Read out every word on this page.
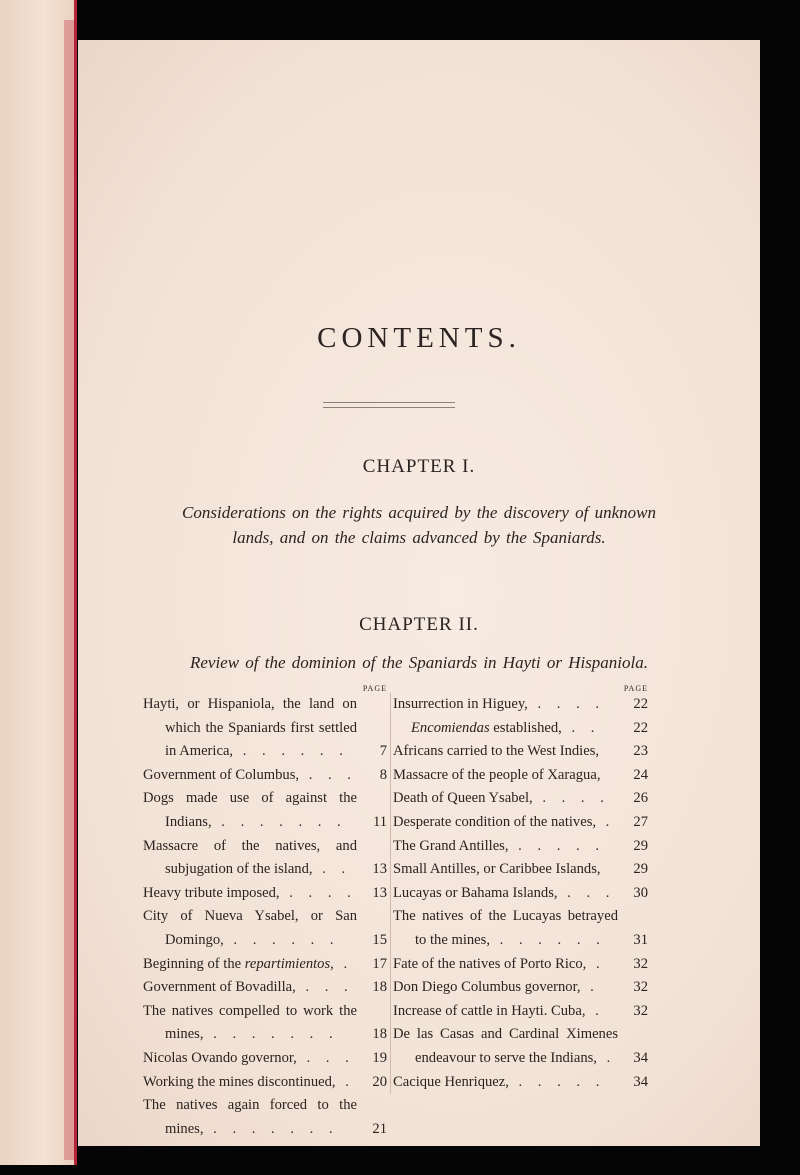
CONTENTS.
CHAPTER I.
Considerations on the rights acquired by the discovery of unknown
lands, and on the claims advanced by the Spaniards.
CHAPTER II.
Review of the dominion of the Spaniards in Hayti or Hispaniola.
PAGE
Hayti, or Hispaniola, the land on which the Spaniards first settled in America, . . . . . .	7
Government of Columbus, . . .	8
Dogs made use of against the Indians, . . . . . . .	11
Massacre of the natives, and subjugation of the island, . .	13
Heavy tribute imposed, . . . .	13
City of Nueva Ysabel, or San Domingo, . . . . . .	15
Beginning of the repartimientos, .	17
Government of Bovadilla, . . .	18
The natives compelled to work the mines, . . . . . . .	18
Nicolas Ovando governor, . . .	19
Working the mines discontinued, .	20
The natives again forced to the mines, . . . . . . .	21
PAGE
Insurrection in Higuey, . . . .	22
Encomiendas established, . .	22
Africans carried to the West Indies,	23
Massacre of the people of Xaragua,	24
Death of Queen Ysabel, . . . .	26
Desperate condition of the natives, .	27
The Grand Antilles, . . . . .	29
Small Antilles, or Caribbee Islands,	29
Lucayas or Bahama Islands, . . .	30
The natives of the Lucayas betrayed to the mines, . . . . . .	31
Fate of the natives of Porto Rico, .	32
Don Diego Columbus governor, .	32
Increase of cattle in Hayti. Cuba, .	32
De las Casas and Cardinal Ximenes endeavour to serve the Indians, .	34
Cacique Henriquez, . . . . .	34
